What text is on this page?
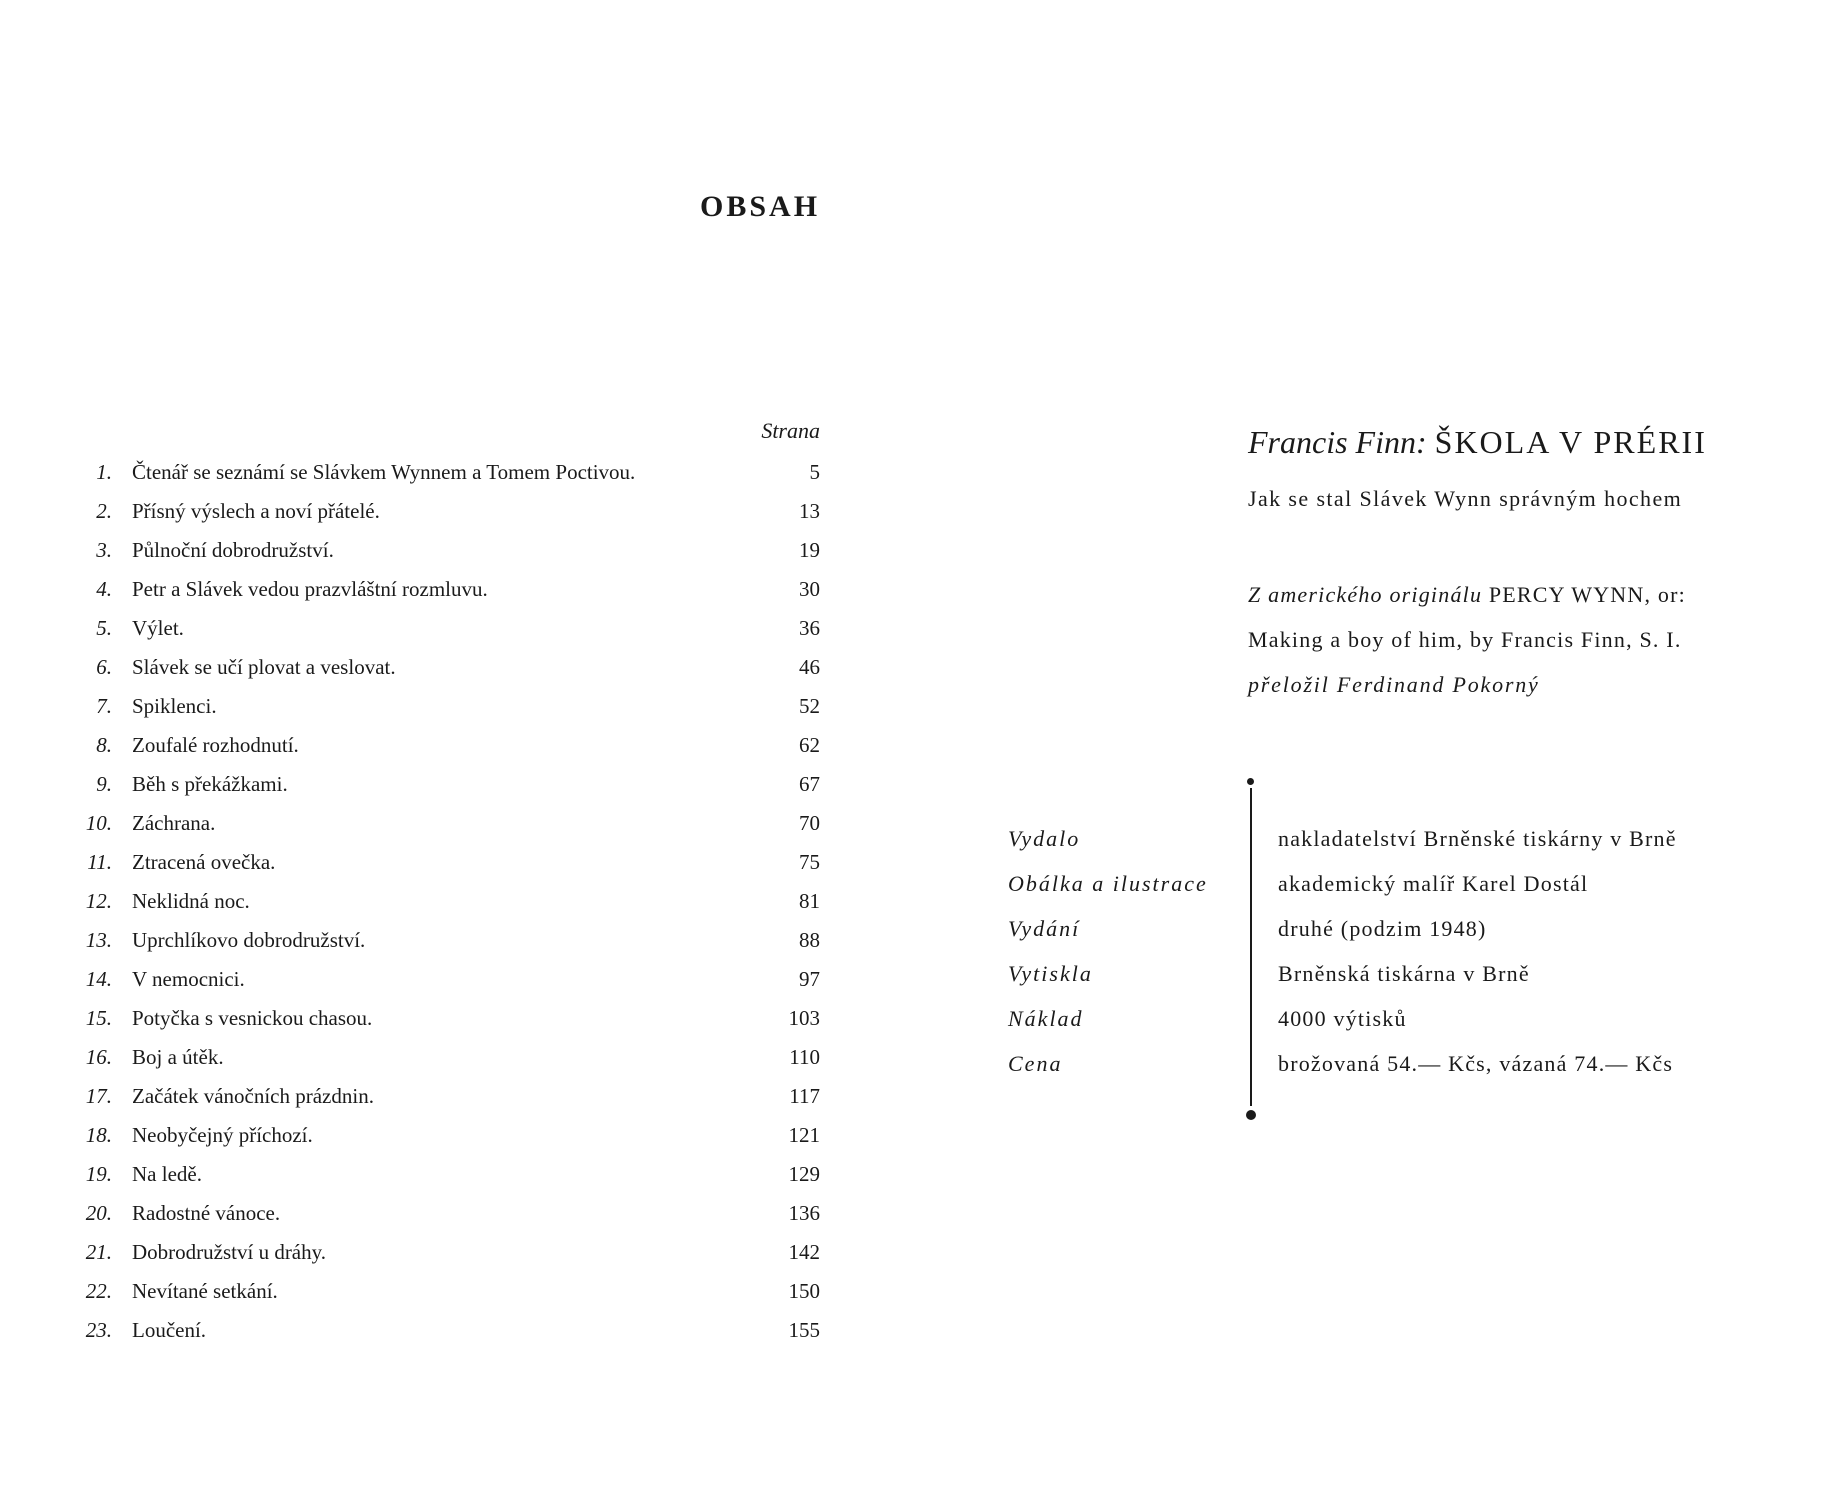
OBSAH
Strana
1. Čtenář se seznámí se Slávkem Wynnem a Tomem Poctivou.	5
2. Přísný výslech a noví přátelé.	13
3. Půlnoční dobrodružství.	19
4. Petr a Slávek vedou prazvláštní rozmluvu.	30
5. Výlet.	36
6. Slávek se učí plovat a veslovat.	46
7. Spiklenci.	52
8. Zoufalé rozhodnutí.	62
9. Běh s překážkami.	67
10. Záchrana.	70
11. Ztracená ovečka.	75
12. Neklidná noc.	81
13. Uprchlíkovo dobrodružství.	88
14. V nemocnici.	97
15. Potyčka s vesnickou chasou.	103
16. Boj a útěk.	110
17. Začátek vánočních prázdnin.	117
18. Neobyčejný příchozí.	121
19. Na ledě.	129
20. Radostné vánoce.	136
21. Dobrodružství u dráhy.	142
22. Nevítané setkání.	150
23. Loučení.	155
Francis Finn: ŠKOLA V PRÉRII
Jak se stal Slávek Wynn správným hochem
Z amerického originálu PERCY WYNN, or:
Making a boy of him, by Francis Finn, S. I.
přeložil Ferdinand Pokorný
Vydalo	nakladatelství Brněnské tiskárny v Brně
Obálka a ilustrace	akademický malíř Karel Dostál
Vydání	druhé (podzim 1948)
Vytiskla	Brněnská tiskárna v Brně
Náklad	4000 výtisků
Cena	brožovaná 54.— Kčs, vázaná 74.— Kčs
